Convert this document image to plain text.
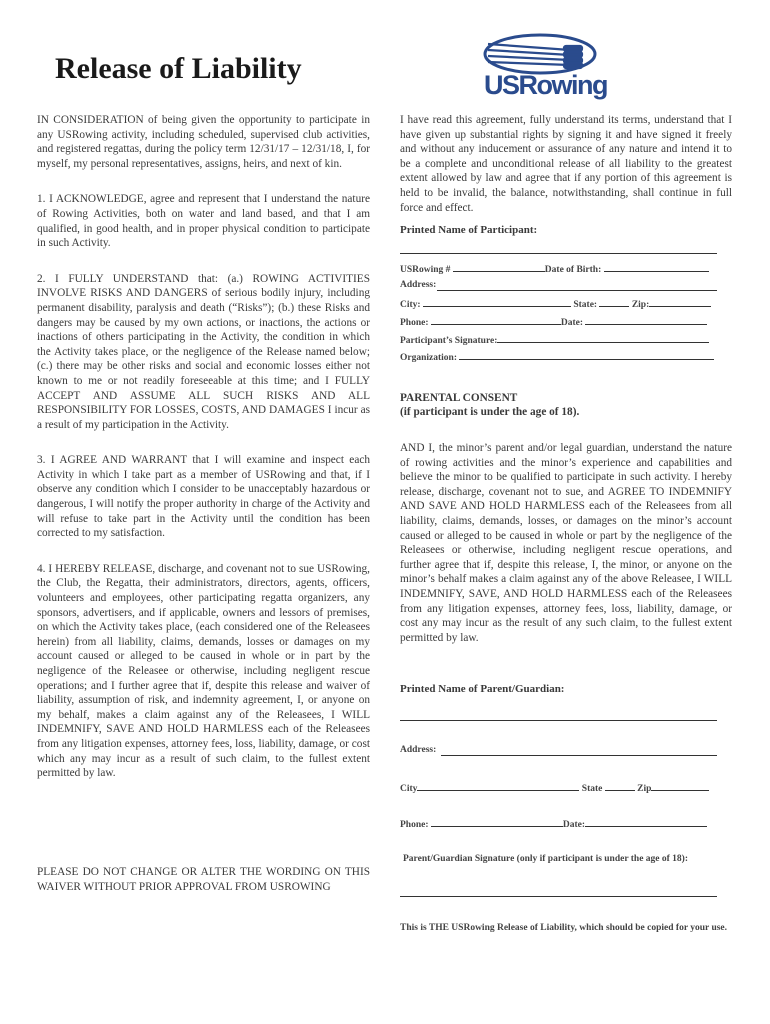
Release of Liability	USRowing

IN CONSIDERATION of being given the opportunity to participate in any USRowing activity, including scheduled, supervised club activities, and registered regattas, during the policy term 12/31/17 – 12/31/18, I, for myself, my personal representatives, assigns, heirs, and next of kin.

1. I ACKNOWLEDGE, agree and represent that I understand the nature of Rowing Activities, both on water and land based, and that I am qualified, in good health, and in proper physical condition to participate in such Activity.

2. I FULLY UNDERSTAND that: (a.) ROWING ACTIVITIES INVOLVE RISKS AND DANGERS of serious bodily injury, including permanent disability, paralysis and death (“Risks”); (b.) these Risks and dangers may be caused by my own actions, or inactions, the actions or inactions of others participating in the Activity, the condition in which the Activity takes place, or the negligence of the Release named below; (c.) there may be other risks and social and economic losses either not known to me or not readily foreseeable at this time; and I FULLY ACCEPT AND ASSUME ALL SUCH RISKS AND ALL RESPONSIBILITY FOR LOSSES, COSTS, AND DAMAGES I incur as a result of my participation in the Activity.

3. I AGREE AND WARRANT that I will examine and inspect each Activity in which I take part as a member of USRowing and that, if I observe any condition which I consider to be unacceptably hazardous or dangerous, I will notify the proper authority in charge of the Activity and will refuse to take part in the Activity until the condition has been corrected to my satisfaction.

4. I HEREBY RELEASE, discharge, and covenant not to sue USRowing, the Club, the Regatta, their administrators, directors, agents, officers, volunteers and employees, other participating regatta organizers, any sponsors, advertisers, and if applicable, owners and lessors of premises, on which the Activity takes place, (each considered one of the Releasees herein) from all liability, claims, demands, losses or damages on my account caused or alleged to be caused in whole or in part by the negligence of the Releasee or otherwise, including negligent rescue operations; and I further agree that if, despite this release and waiver of liability, assumption of risk, and indemnity agreement, I, or anyone on my behalf, makes a claim against any of the Releasees, I WILL INDEMNIFY, SAVE AND HOLD HARMLESS each of the Releasees from any litigation expenses, attorney fees, loss, liability, damage, or cost which any may incur as a result of such claim, to the fullest extent permitted by law.

PLEASE DO NOT CHANGE OR ALTER THE WORDING ON THIS WAIVER WITHOUT PRIOR APPROVAL FROM USROWING
I have read this agreement, fully understand its terms, understand that I have given up substantial rights by signing it and have signed it freely and without any inducement or assurance of any nature and intend it to be a complete and unconditional release of all liability to the greatest extent allowed by law and agree that if any portion of this agreement is held to be invalid, the balance, notwithstanding, shall continue in full force and effect.
Printed Name of Participant:
USRowing #	Date of Birth:
Address:
City:	State:	Zip:
Phone:	Date:
Participant’s Signature:
Organization:
PARENTAL CONSENT
(if participant is under the age of 18).
AND I, the minor’s parent and/or legal guardian, understand the nature of rowing activities and the minor’s experience and capabilities and believe the minor to be qualified to participate in such activity. I hereby release, discharge, covenant not to sue, and AGREE TO INDEMNIFY AND SAVE AND HOLD HARMLESS each of the Releasees from all liability, claims, demands, losses, or damages on the minor’s account caused or alleged to be caused in whole or part by the negligence of the Releasees or otherwise, including negligent rescue operations, and further agree that if, despite this release, I, the minor, or anyone on the minor’s behalf makes a claim against any of the above Releasee, I WILL INDEMNIFY, SAVE, AND HOLD HARMLESS each of the Releasees from any litigation expenses, attorney fees, loss, liability, damage, or cost any may incur as the result of any such claim, to the fullest extent permitted by law.
Printed Name of Parent/Guardian:
Address:
City	State	Zip
Phone:	Date:
Parent/Guardian Signature (only if participant is under the age of 18):
This is THE USRowing Release of Liability, which should be copied for your use.
